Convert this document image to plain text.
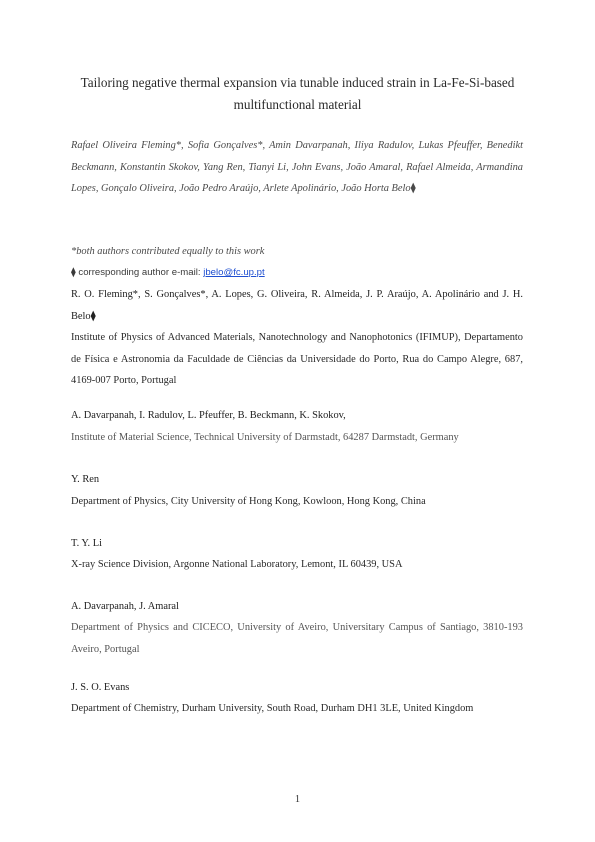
Tailoring negative thermal expansion via tunable induced strain in La-Fe-Si-based multifunctional material

Rafael Oliveira Fleming*, Sofia Gonçalves*, Amin Davarpanah, Iliya Radulov, Lukas Pfeuffer, Benedikt Beckmann, Konstantin Skokov, Yang Ren, Tianyi Li, John Evans, João Amaral, Rafael Almeida, Armandina Lopes, Gonçalo Oliveira, João Pedro Araújo, Arlete Apolinário, João Horta Belo⧫

*both authors contributed equally to this work
⧫ corresponding author e-mail: jbelo@fc.up.pt

R. O. Fleming*, S. Gonçalves*, A. Lopes, G. Oliveira, R. Almeida, J. P. Araújo, A. Apolinário and J. H. Belo⧫

Institute of Physics of Advanced Materials, Nanotechnology and Nanophotonics (IFIMUP), Departamento de Física e Astronomia da Faculdade de Ciências da Universidade do Porto, Rua do Campo Alegre, 687, 4169-007 Porto, Portugal

A. Davarpanah, I. Radulov, L. Pfeuffer, B. Beckmann, K. Skokov,

Institute of Material Science, Technical University of Darmstadt, 64287 Darmstadt, Germany

Y. Ren

Department of Physics, City University of Hong Kong, Kowloon, Hong Kong, China

T. Y. Li

X-ray Science Division, Argonne National Laboratory, Lemont, IL 60439, USA

A. Davarpanah, J. Amaral

Department of Physics and CICECO, University of Aveiro, Universitary Campus of Santiago, 3810-193 Aveiro, Portugal

J. S. O. Evans

Department of Chemistry, Durham University, South Road, Durham DH1 3LE, United Kingdom

1
